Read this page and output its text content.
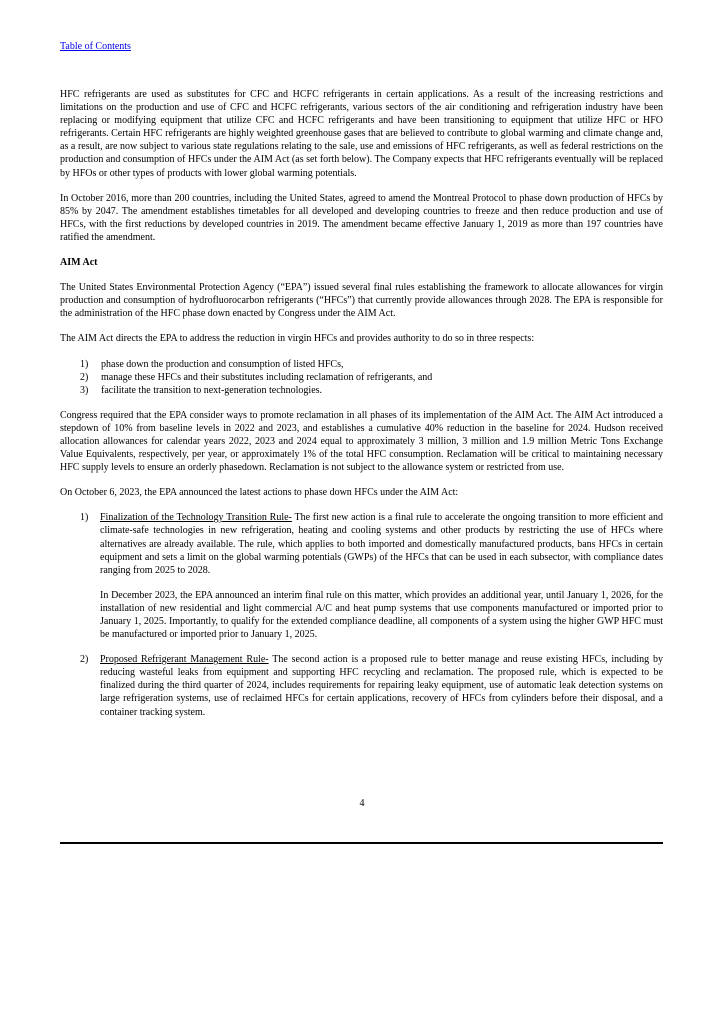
Table of Contents

HFC refrigerants are used as substitutes for CFC and HCFC refrigerants in certain applications. As a result of the increasing restrictions and limitations on the production and use of CFC and HCFC refrigerants, various sectors of the air conditioning and refrigeration industry have been replacing or modifying equipment that utilize CFC and HCFC refrigerants and have been transitioning to equipment that utilize HFC or HFO refrigerants. Certain HFC refrigerants are highly weighted greenhouse gases that are believed to contribute to global warming and climate change and, as a result, are now subject to various state regulations relating to the sale, use and emissions of HFC refrigerants, as well as federal restrictions on the production and consumption of HFCs under the AIM Act (as set forth below). The Company expects that HFC refrigerants eventually will be replaced by HFOs or other types of products with lower global warming potentials.

In October 2016, more than 200 countries, including the United States, agreed to amend the Montreal Protocol to phase down production of HFCs by 85% by 2047. The amendment establishes timetables for all developed and developing countries to freeze and then reduce production and use of HFCs, with the first reductions by developed countries in 2019. The amendment became effective January 1, 2019 as more than 197 countries have ratified the amendment.

AIM Act

The United States Environmental Protection Agency (“EPA”) issued several final rules establishing the framework to allocate allowances for virgin production and consumption of hydrofluorocarbon refrigerants (“HFCs”) that currently provide allowances through 2028. The EPA is responsible for the administration of the HFC phase down enacted by Congress under the AIM Act.

The AIM Act directs the EPA to address the reduction in virgin HFCs and provides authority to do so in three respects:

1)	phase down the production and consumption of listed HFCs,
2)	manage these HFCs and their substitutes including reclamation of refrigerants, and
3)	facilitate the transition to next-generation technologies.

Congress required that the EPA consider ways to promote reclamation in all phases of its implementation of the AIM Act. The AIM Act introduced a stepdown of 10% from baseline levels in 2022 and 2023, and establishes a cumulative 40% reduction in the baseline for 2024. Hudson received allocation allowances for calendar years 2022, 2023 and 2024 equal to approximately 3 million, 3 million and 1.9 million Metric Tons Exchange Value Equivalents, respectively, per year, or approximately 1% of the total HFC consumption. Reclamation will be critical to maintaining necessary HFC supply levels to ensure an orderly phasedown. Reclamation is not subject to the allowance system or restricted from use.

On October 6, 2023, the EPA announced the latest actions to phase down HFCs under the AIM Act:

1)	Finalization of the Technology Transition Rule- The first new action is a final rule to accelerate the ongoing transition to more efficient and climate-safe technologies in new refrigeration, heating and cooling systems and other products by restricting the use of HFCs where alternatives are already available. The rule, which applies to both imported and domestically manufactured products, bans HFCs in certain equipment and sets a limit on the global warming potentials (GWPs) of the HFCs that can be used in each subsector, with compliance dates ranging from 2025 to 2028.

In December 2023, the EPA announced an interim final rule on this matter, which provides an additional year, until January 1, 2026, for the installation of new residential and light commercial A/C and heat pump systems that use components manufactured or imported prior to January 1, 2025. Importantly, to qualify for the extended compliance deadline, all components of a system using the higher GWP HFC must be manufactured or imported prior to January 1, 2025.

2)	Proposed Refrigerant Management Rule- The second action is a proposed rule to better manage and reuse existing HFCs, including by reducing wasteful leaks from equipment and supporting HFC recycling and reclamation. The proposed rule, which is expected to be finalized during the third quarter of 2024, includes requirements for repairing leaky equipment, use of automatic leak detection systems on large refrigeration systems, use of reclaimed HFCs for certain applications, recovery of HFCs from cylinders before their disposal, and a container tracking system.

4
